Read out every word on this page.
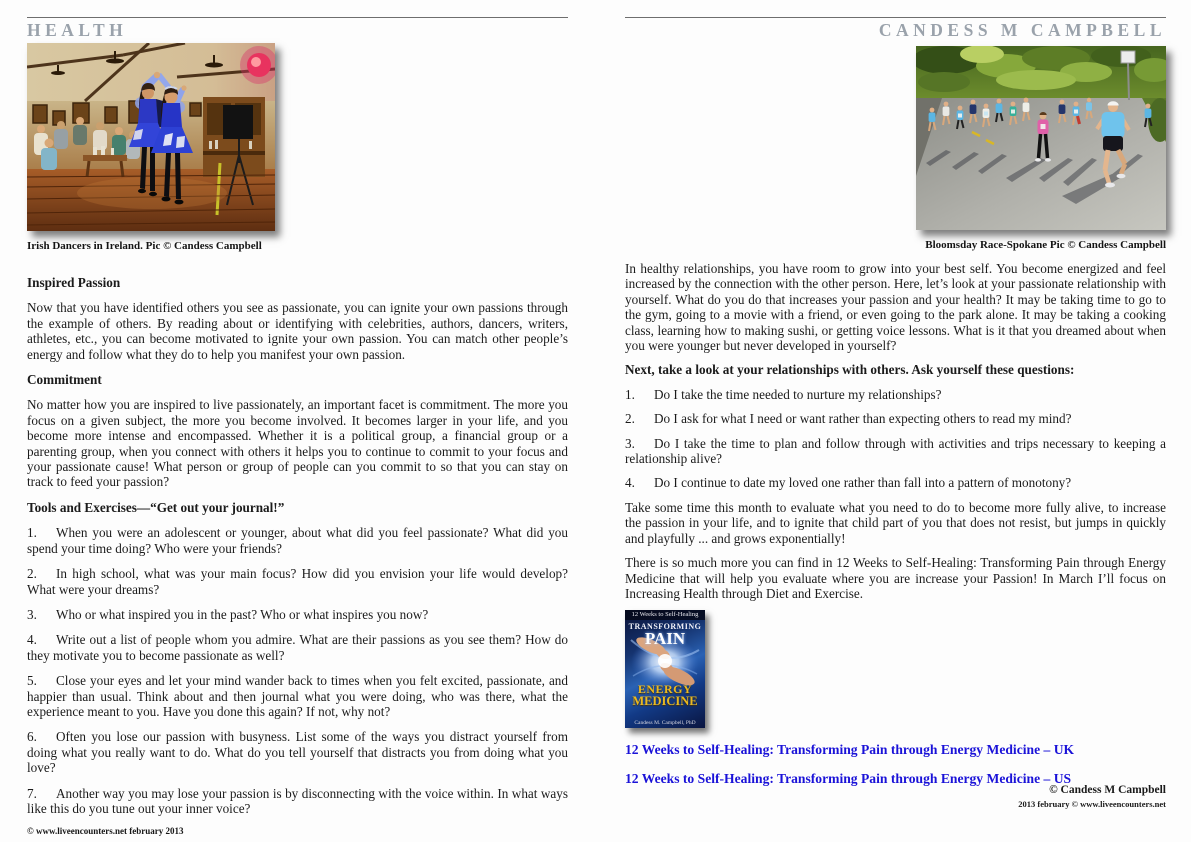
HEALTH
Irish Dancers in Ireland. Pic © Candess Campbell
Inspired Passion

Now that you have identified others you see as passionate, you can ignite your own passions through the example of others. By reading about or identifying with celebrities, authors, dancers, writers, athletes, etc., you can become motivated to ignite your own passion. You can match other people’s energy and follow what they do to help you manifest your own passion.

Commitment

No matter how you are inspired to live passionately, an important facet is commitment. The more you focus on a given subject, the more you become involved. It becomes larger in your life, and you become more intense and encompassed. Whether it is a political group, a financial group or a parenting group, when you connect with others it helps you to continue to commit to your focus and your passionate cause! What person or group of people can you commit to so that you can stay on track to feed your passion?

Tools and Exercises—“Get out your journal!”

1. When you were an adolescent or younger, about what did you feel passionate? What did you spend your time doing? Who were your friends?

2. In high school, what was your main focus? How did you envision your life would develop? What were your dreams?

3. Who or what inspired you in the past? Who or what inspires you now?

4. Write out a list of people whom you admire. What are their passions as you see them? How do they motivate you to become passionate as well?

5. Close your eyes and let your mind wander back to times when you felt excited, passionate, and happier than usual. Think about and then journal what you were doing, who was there, what the experience meant to you. Have you done this again? If not, why not?

6. Often you lose our passion with busyness. List some of the ways you distract yourself from doing what you really want to do. What do you tell yourself that distracts you from doing what you love?

7. Another way you may lose your passion is by disconnecting with the voice within. In what ways like this do you tune out your inner voice?

CANDESS M CAMPBELL
Bloomsday Race-Spokane Pic © Candess Campbell

In healthy relationships, you have room to grow into your best self. You become energized and feel increased by the connection with the other person. Here, let’s look at your passionate relationship with yourself. What do you do that increases your passion and your health? It may be taking time to go to the gym, going to a movie with a friend, or even going to the park alone. It may be taking a cooking class, learning how to making sushi, or getting voice lessons. What is it that you dreamed about when you were younger but never developed in yourself?

Next, take a look at your relationships with others. Ask yourself these questions:

1. Do I take the time needed to nurture my relationships?

2. Do I ask for what I need or want rather than expecting others to read my mind?

3. Do I take the time to plan and follow through with activities and trips necessary to keeping a relationship alive?

4. Do I continue to date my loved one rather than fall into a pattern of monotony?

Take some time this month to evaluate what you need to do to become more fully alive, to increase the passion in your life, and to ignite that child part of you that does not resist, but jumps in quickly and playfully ... and grows exponentially!

There is so much more you can find in 12 Weeks to Self-Healing: Transforming Pain through Energy Medicine that will help you evaluate where you are increase your Passion! In March I’ll focus on Increasing Health through Diet and Exercise.

12 Weeks to Self-Healing
TRANSFORMING
PAIN
ENERGY
MEDICINE
Candess M. Campbell, PhD
12 Weeks to Self-Healing: Transforming Pain through Energy Medicine – UK
12 Weeks to Self-Healing: Transforming Pain through Energy Medicine – US
© Candess M Campbell
2013 february © www.liveencounters.net
© www.liveencounters.net february 2013
